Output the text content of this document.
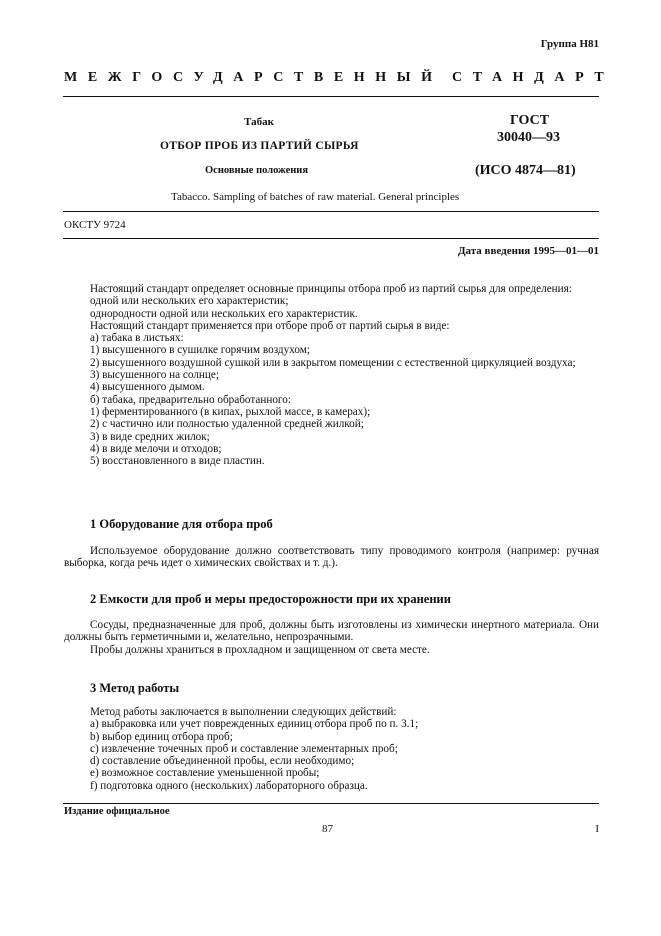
Группа Н81
МЕЖГОСУДАРСТВЕННЫЙ СТАНДАРТ
Табак
ОТБОР ПРОБ ИЗ ПАРТИЙ СЫРЬЯ
Основные положения
ГОСТ
30040—93
(ИСО 4874—81)
Tabacco. Sampling of batches of raw material. General principles
ОКСТУ 9724
Дата введения 1995—01—01

Настоящий стандарт определяет основные принципы отбора проб из партий сырья для определения:

одной или нескольких его характеристик;

однородности одной или нескольких его характеристик.

Настоящий стандарт применяется при отборе проб от партий сырья в виде:

а) табака в листьях:

1) высушенного в сушилке горячим воздухом;

2) высушенного воздушной сушкой или в закрытом помещении с естественной циркуляцией воздуха;

3) высушенного на солнце;

4) высушенного дымом.

б) табака, предварительно обработанного:

1) ферментированного (в кипах, рыхлой массе, в камерах);

2) с частично или полностью удаленной средней жилкой;

3) в виде средних жилок;

4) в виде мелочи и отходов;

5) восстановленного в виде пластин.

1 Оборудование для отбора проб

Используемое оборудование должно соответствовать типу проводимого контроля (например: ручная выборка, когда речь идет о химических свойствах и т. д.).

2 Емкости для проб и меры предосторожности при их хранении

Сосуды, предназначенные для проб, должны быть изготовлены из химически инертного материала. Они должны быть герметичными и, желательно, непрозрачными.

Пробы должны храниться в прохладном и защищенном от света месте.

3 Метод работы

Метод работы заключается в выполнении следующих действий:

a) выбраковка или учет поврежденных единиц отбора проб по п. 3.1;

b) выбор единиц отбора проб;

c) извлечение точечных проб и составление элементарных проб;

d) составление объединенной пробы, если необходимо;

e) возможное составление уменьшенной пробы;

f) подготовка одного (нескольких) лабораторного образца.

Издание официальное
87	I
